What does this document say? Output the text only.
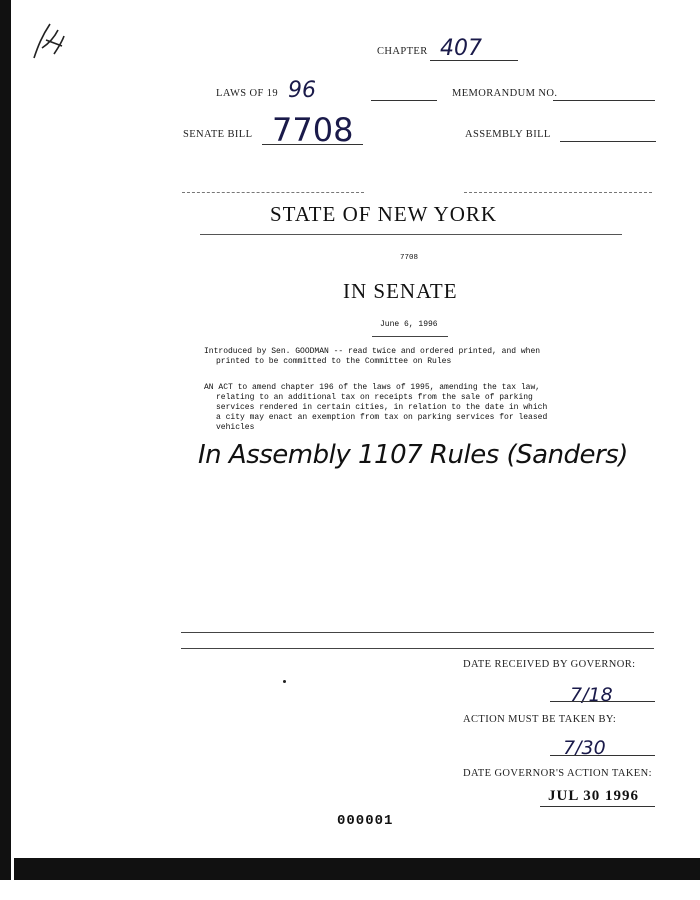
CHAPTER 407
LAWS OF 19 96	MEMORANDUM NO.
SENATE BILL 7708	ASSEMBLY BILL
STATE OF NEW YORK
7708
IN SENATE
June 6, 1996
Introduced by Sen. GOODMAN -- read twice and ordered printed, and when
printed to be committed to the Committee on Rules
AN ACT to amend chapter 196 of the laws of 1995, amending the tax law,
relating to an additional tax on receipts from the sale of parking
services rendered in certain cities, in relation to the date in which
a city may enact an exemption from tax on parking services for leased
vehicles
In Assembly 1107 Rules (Sanders)
DATE RECEIVED BY GOVERNOR:
7/18
ACTION MUST BE TAKEN BY:
7/30
DATE GOVERNOR'S ACTION TAKEN:
JUL 30 1996
000001
